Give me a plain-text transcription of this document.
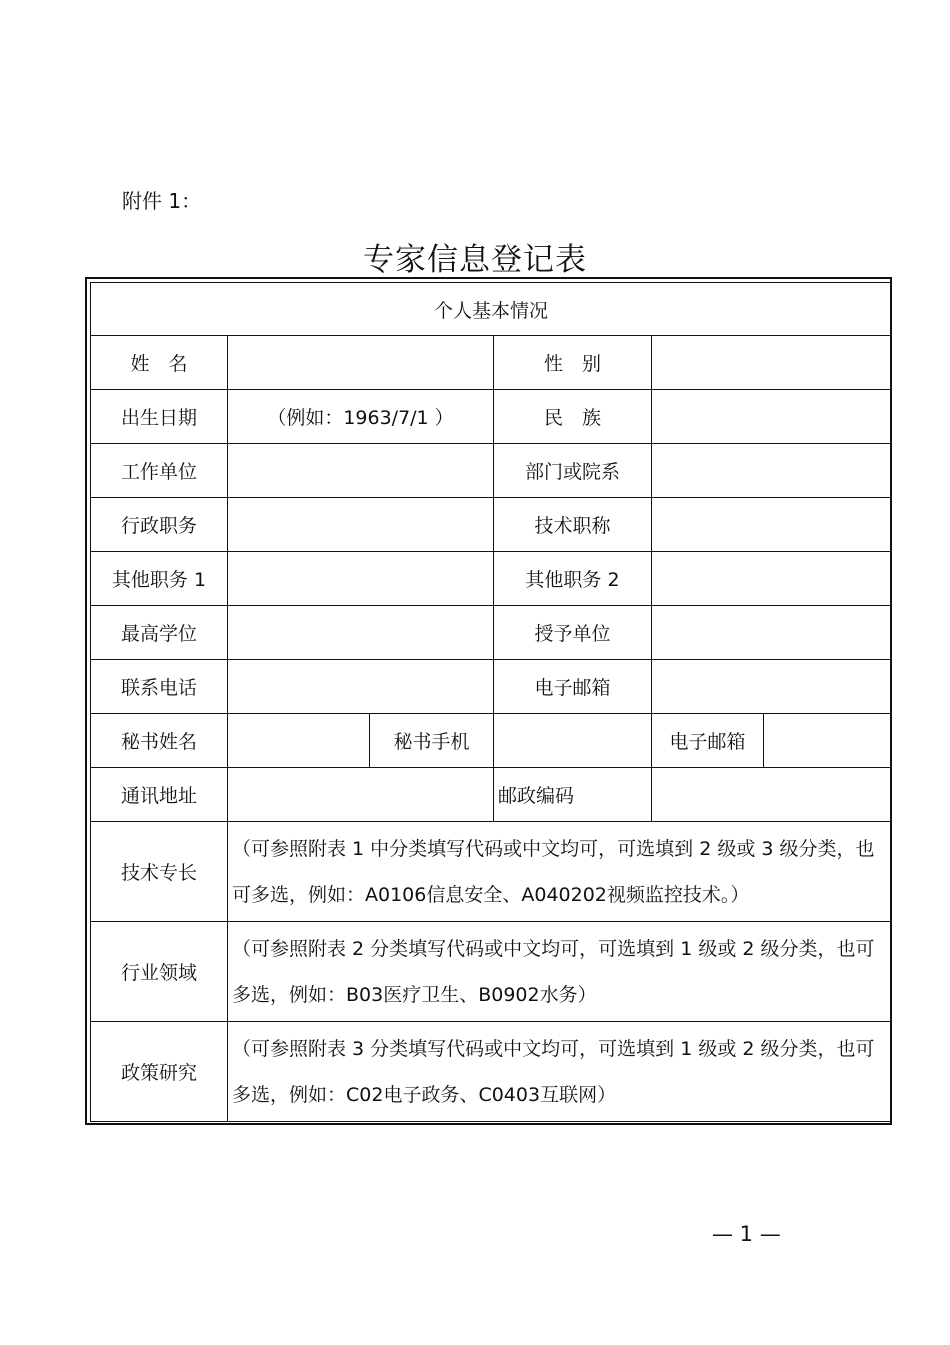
附件 1：
专家信息登记表
个人基本情况					
姓　名			性　别		
出生日期	（例如：1963/7/1 ）		民　族		
工作单位			部门或院系		
行政职务			技术职称		
其他职务 1			其他职务 2		
最高学位			授予单位		
联系电话			电子邮箱		
秘书姓名		秘书手机		电子邮箱	
通讯地址			邮政编码		
技术专长	（可参照附表 1 中分类填写代码或中文均可，可选填到 2 级或 3 级分类，也可多选，例如：A0106信息安全、A040202视频监控技术。）				
行业领域	（可参照附表 2 分类填写代码或中文均可，可选填到 1 级或 2 级分类，也可多选，例如：B03医疗卫生、B0902水务）				
政策研究	（可参照附表 3 分类填写代码或中文均可，可选填到 1 级或 2 级分类，也可多选，例如：C02电子政务、C0403互联网）				
— 1 —
